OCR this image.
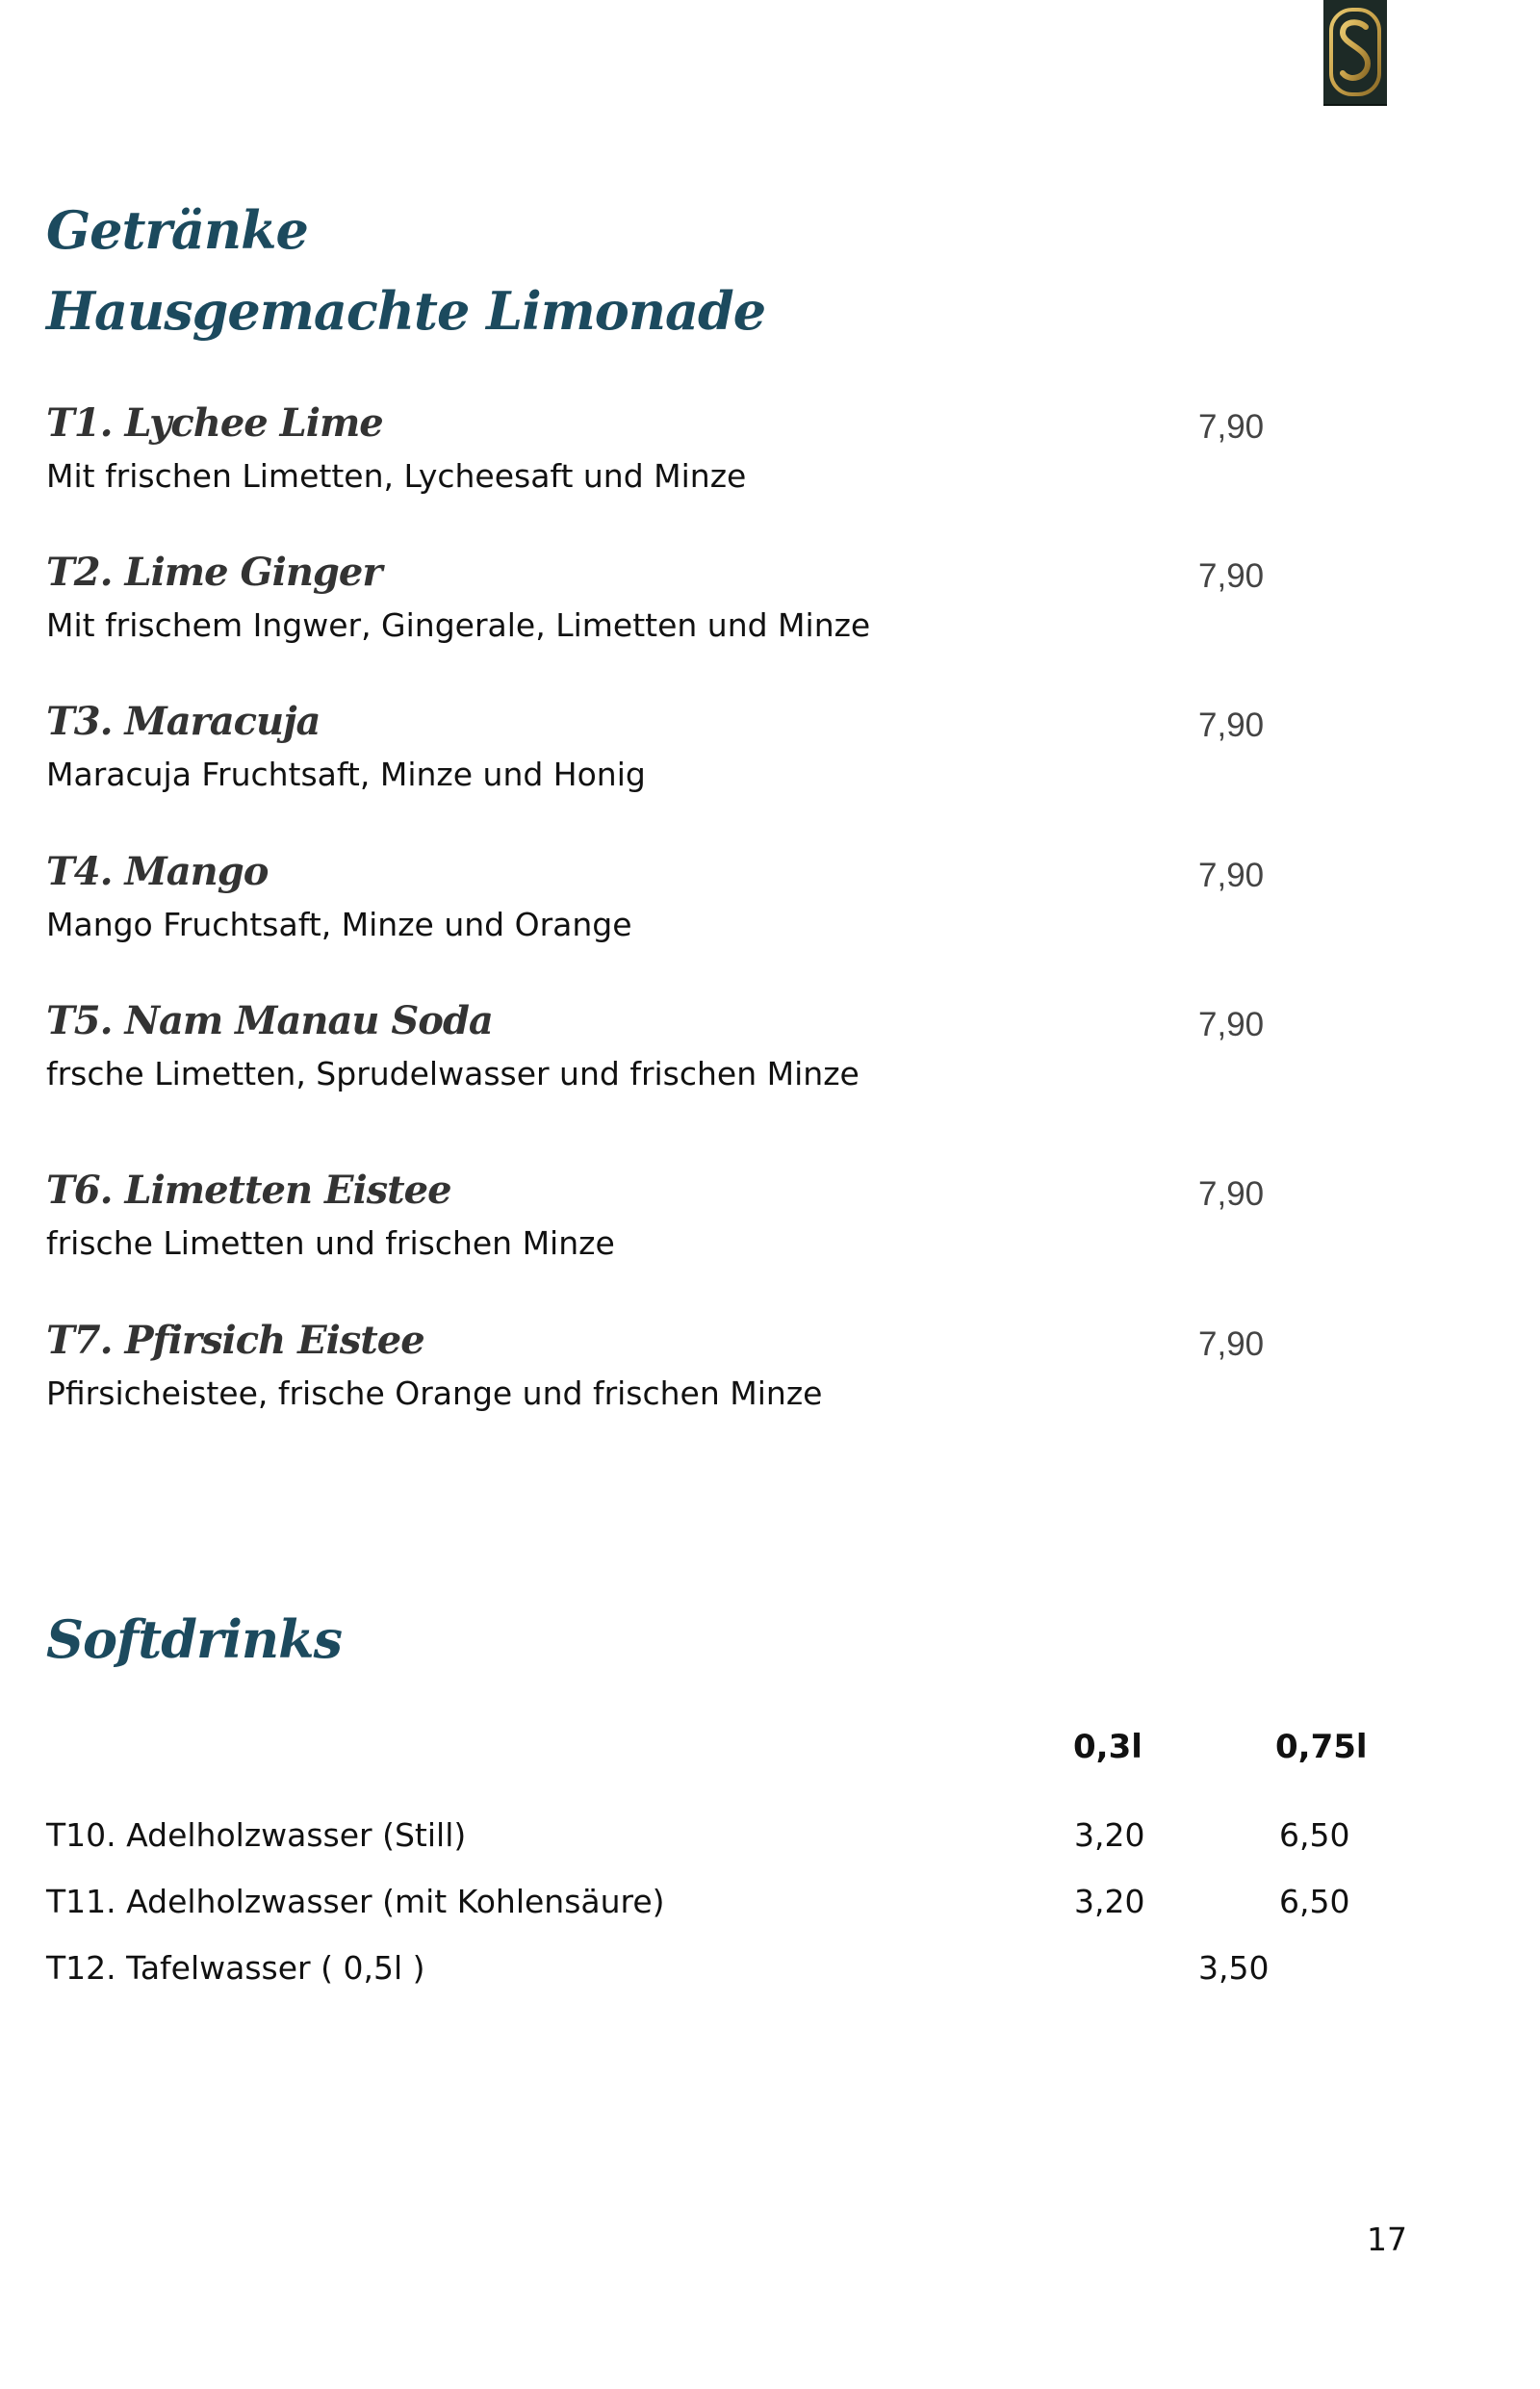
Getränke
Hausgemachte Limonade
T1. Lychee Lime	7,90
Mit frischen Limetten, Lycheesaft und Minze
T2. Lime Ginger	7,90
Mit frischem Ingwer, Gingerale, Limetten und Minze
T3. Maracuja	7,90
Maracuja Fruchtsaft, Minze und Honig
T4. Mango	7,90
Mango Fruchtsaft, Minze und Orange
T5. Nam Manau Soda	7,90
frsche Limetten, Sprudelwasser und frischen Minze
T6. Limetten Eistee	7,90
frische Limetten und frischen Minze
T7. Pfirsich Eistee	7,90
Pfirsicheistee, frische Orange und frischen Minze
Softdrinks
0,3l	0,75l
T10. Adelholzwasser (Still)	3,20	6,50
T11. Adelholzwasser (mit Kohlensäure)	3,20	6,50
T12. Tafelwasser ( 0,5l )	3,50
17
